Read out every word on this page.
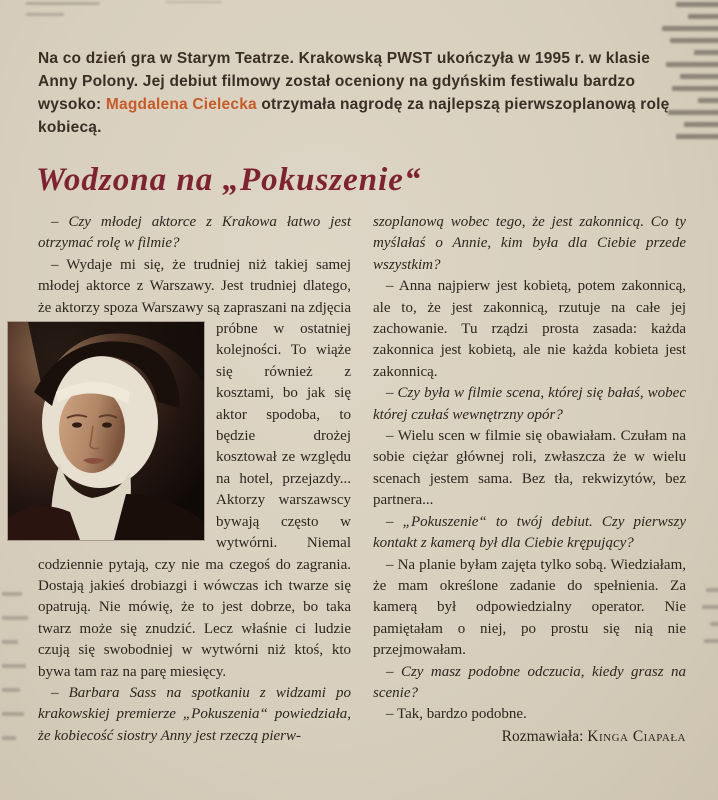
Na co dzień gra w Starym Teatrze. Krakowską PWST ukończyła w 1995 r. w klasie Anny Polony. Jej debiut filmowy został oceniony na gdyńskim festiwalu bardzo wysoko: Magdalena Cielecka otrzymała nagrodę za najlepszą pierwszoplanową rolę kobiecą.

Wodzona na „Pokuszenie“

– Czy młodej aktorce z Krakowa łatwo jest otrzymać rolę w filmie?

– Wydaje mi się, że trudniej niż takiej samej młodej aktorce z Warszawy. Jest trudniej dlatego, że aktorzy spoza Warszawy są zapraszani na zdjęcia próbne
w ostatniej kolejności. To wiąże się również z kosztami, bo jak się aktor spodoba, to będzie drożej kosztował ze względu na hotel, przejazdy... Aktorzy warszawscy bywają często w wytwórni. Niemal codziennie pytają, czy nie ma czegoś do zagrania. Dostają jakieś drobiazgi i wówczas ich twarze się opatrują. Nie mówię, że to jest dobrze, bo taka twarz może się znudzić. Lecz właśnie ci ludzie czują się swobodniej w wytwórni niż ktoś, kto bywa tam raz na parę miesięcy.

– Barbara Sass na spotkaniu z widzami po krakowskiej premierze „Pokuszenia“ powiedziała, że kobiecość siostry Anny jest rzeczą pierw-

szoplanową wobec tego, że jest zakonnicą. Co ty myślałaś o Annie, kim była dla Ciebie przede wszystkim?

– Anna najpierw jest kobietą, potem zakonnicą, ale to, że jest zakonnicą, rzutuje na całe jej zachowanie. Tu rządzi prosta zasada: każda zakonnica jest kobietą, ale nie każda kobieta jest zakonnicą.

– Czy była w filmie scena, której się bałaś, wobec której czułaś wewnętrzny opór?

– Wielu scen w filmie się obawiałam. Czułam na sobie ciężar głównej roli, zwłaszcza że w wielu scenach jestem sama. Bez tła, rekwizytów, bez partnera...

– „Pokuszenie“ to twój debiut. Czy pierwszy kontakt z kamerą był dla Ciebie krępujący?

– Na planie byłam zajęta tylko sobą. Wiedziałam, że mam określone zadanie do spełnienia. Za kamerą był odpowiedzialny operator. Nie pamiętałam o niej, po prostu się nią nie przejmowałam.

– Czy masz podobne odczucia, kiedy grasz na scenie?

– Tak, bardzo podobne.

Rozmawiała: Kinga Ciapała
